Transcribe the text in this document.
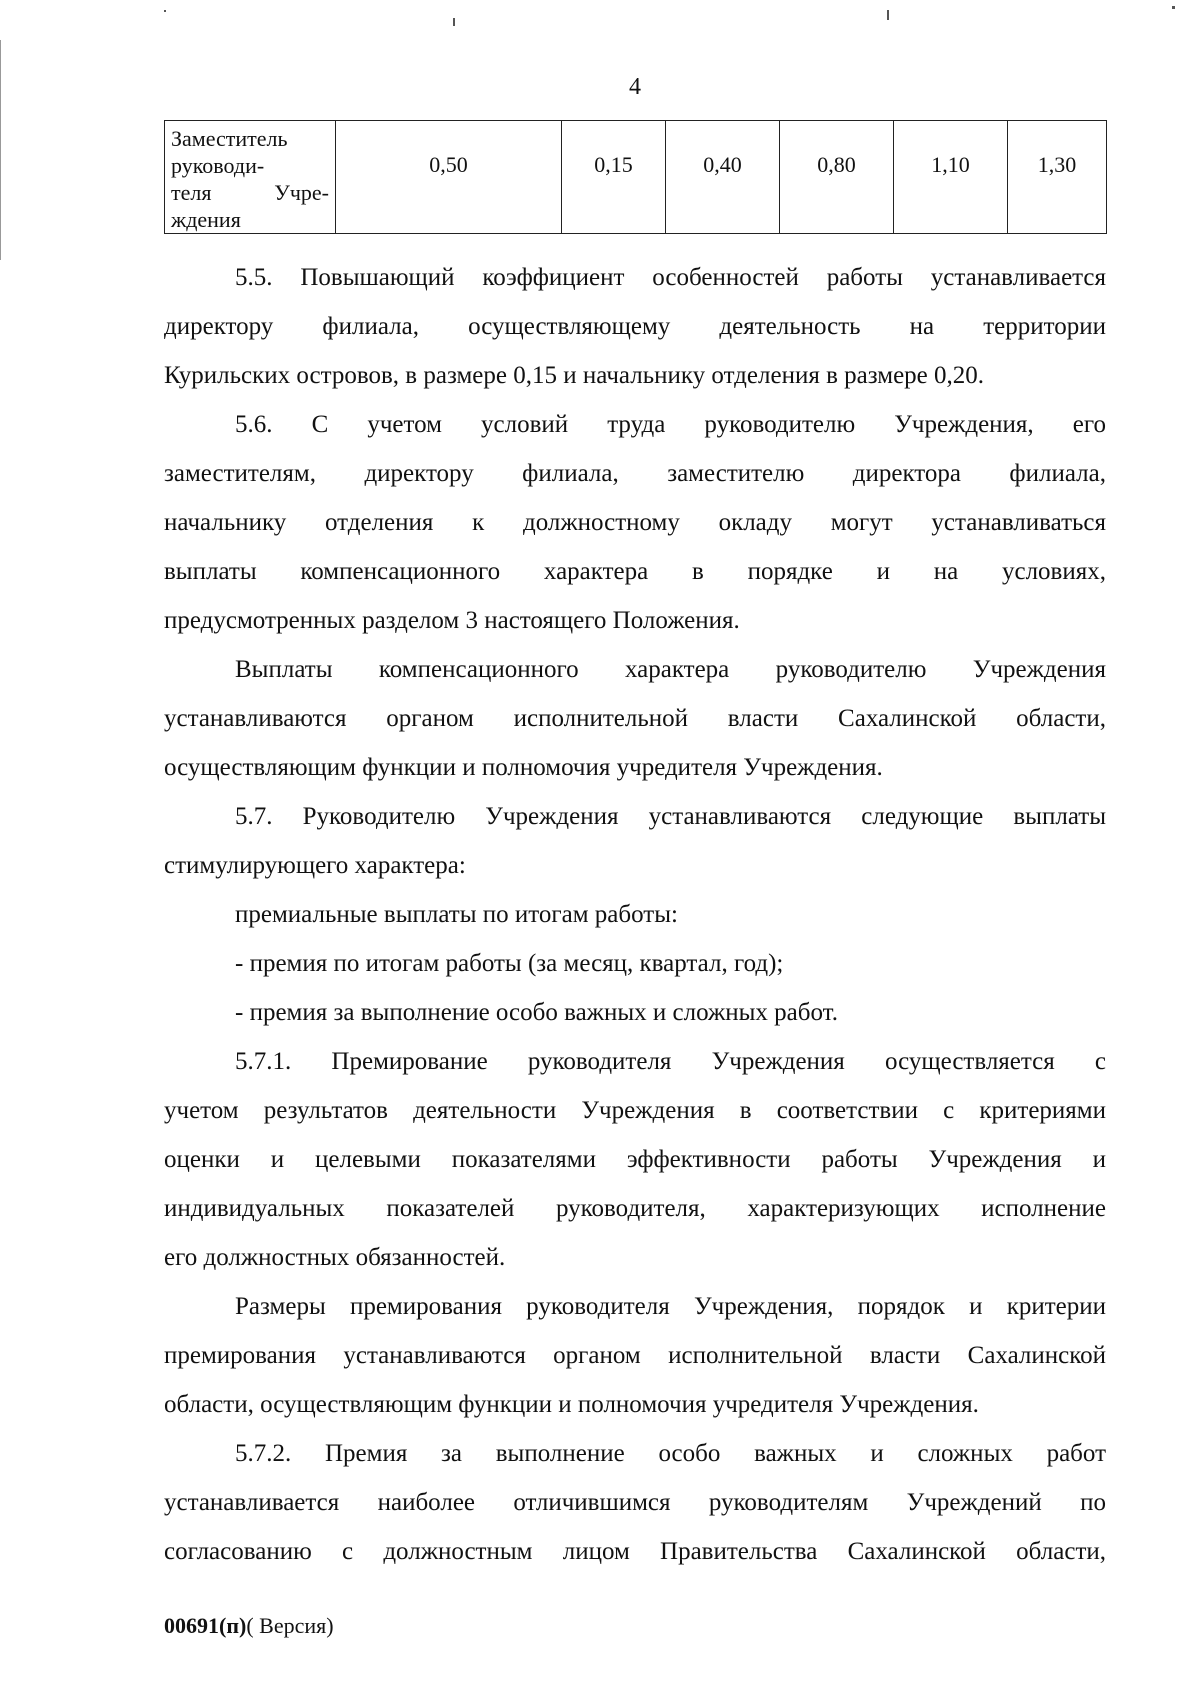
4
Заместитель
руководи-
теля Учре-
ждения
	0,50	0,15	0,40	0,80	1,10	1,30
5.5. Повышающий коэффициент особенностей работы устанавливается
директору филиала, осуществляющему деятельность на территории
Курильских островов, в размере 0,15 и начальнику отделения в размере 0,20.
5.6. С учетом условий труда руководителю Учреждения, его
заместителям, директору филиала, заместителю директора филиала,
начальнику отделения к должностному окладу могут устанавливаться
выплаты компенсационного характера в порядке и на условиях,
предусмотренных разделом 3 настоящего Положения.
Выплаты компенсационного характера руководителю Учреждения
устанавливаются органом исполнительной власти Сахалинской области,
осуществляющим функции и полномочия учредителя Учреждения.
5.7. Руководителю Учреждения устанавливаются следующие выплаты
стимулирующего характера:
премиальные выплаты по итогам работы:
- премия по итогам работы (за месяц, квартал, год);
- премия за выполнение особо важных и сложных работ.
5.7.1. Премирование руководителя Учреждения осуществляется с
учетом результатов деятельности Учреждения в соответствии с критериями
оценки и целевыми показателями эффективности работы Учреждения и
индивидуальных показателей руководителя, характеризующих исполнение
его должностных обязанностей.
Размеры премирования руководителя Учреждения, порядок и критерии
премирования устанавливаются органом исполнительной власти Сахалинской
области, осуществляющим функции и полномочия учредителя Учреждения.
5.7.2. Премия за выполнение особо важных и сложных работ
устанавливается наиболее отличившимся руководителям Учреждений по
согласованию с должностным лицом Правительства Сахалинской области,
00691(п)( Версия)
